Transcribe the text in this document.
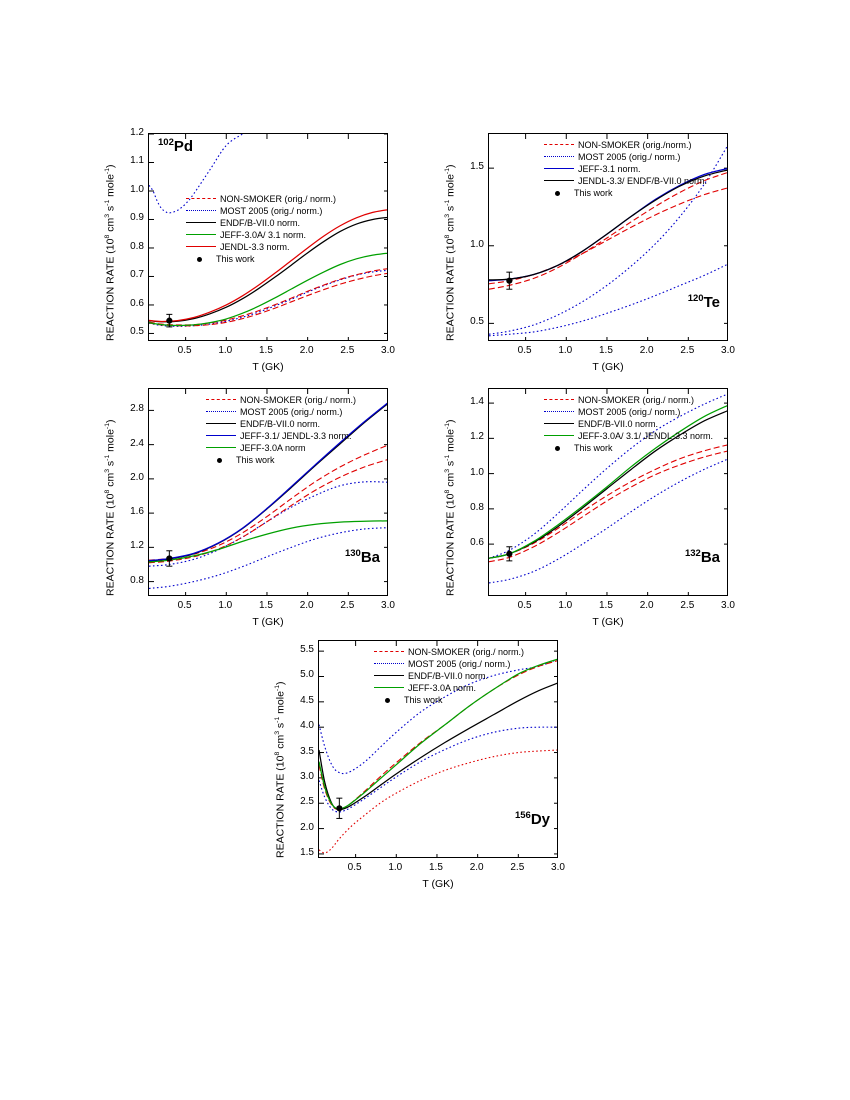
0.5	1.0	1.5	2.0	2.5	3.0
0.5
0.6
0.7
0.8
0.9
1.0
1.1
1.2
T (GK)
REACTION RATE ($10^8$ $cm^3$ $s^{-1}$ mole$^{-1}$)
NON-SMOKER (orig./ norm.)
MOST 2005 (orig./ norm.)
ENDF/B-VII.0 norm.
JEFF-3.0A/ 3.1 norm.
JENDL-3.3 norm.
This work
$^{102}$Pd
0.5	1.0	1.5	2.0	2.5	3.0
0.5
1.0
1.5
T (GK)
REACTION RATE ($10^8$ $cm^3$ $s^{-1}$ mole$^{-1}$)
NON-SMOKER (orig./norm.)
MOST 2005 (orig./ norm.)
JEFF-3.1 norm.
JENDL-3.3/ ENDF/B-VII.0 norm.
This work
$^{120}$Te
0.5	1.0	1.5	2.0	2.5	3.0
0.8
1.2
1.6
2.0
2.4
2.8
T (GK)
REACTION RATE ($10^8$ $cm^3$ $s^{-1}$ mole$^{-1}$)
NON-SMOKER (orig./ norm.)
MOST 2005 (orig./ norm.)
ENDF/B-VII.0 norm.
JEFF-3.1/ JENDL-3.3 norm.
JEFF-3.0A norm
This work
$^{130}$Ba
0.5	1.0	1.5	2.0	2.5	3.0
0.6
0.8
1.0
1.2
1.4
T (GK)
REACTION RATE ($10^8$ $cm^3$ $s^{-1}$ mole$^{-1}$)
NON-SMOKER (orig./ norm.)
MOST 2005 (orig./ norm.)
ENDF/B-VII.0 norm.
JEFF-3.0A/ 3.1/ JENDL-3.3 norm.
This work
$^{132}$Ba
0.5	1.0	1.5	2.0	2.5	3.0
1.5
2.0
2.5
3.0
3.5
4.0
4.5
5.0
5.5
T (GK)
REACTION RATE ($10^8$ $cm^3$ $s^{-1}$ mole$^{-1}$)
NON-SMOKER (orig./ norm.)
MOST 2005 (orig./ norm.)
ENDF/B-VII.0 norm.
JEFF-3.0A norm.
This work
$^{156}$Dy
